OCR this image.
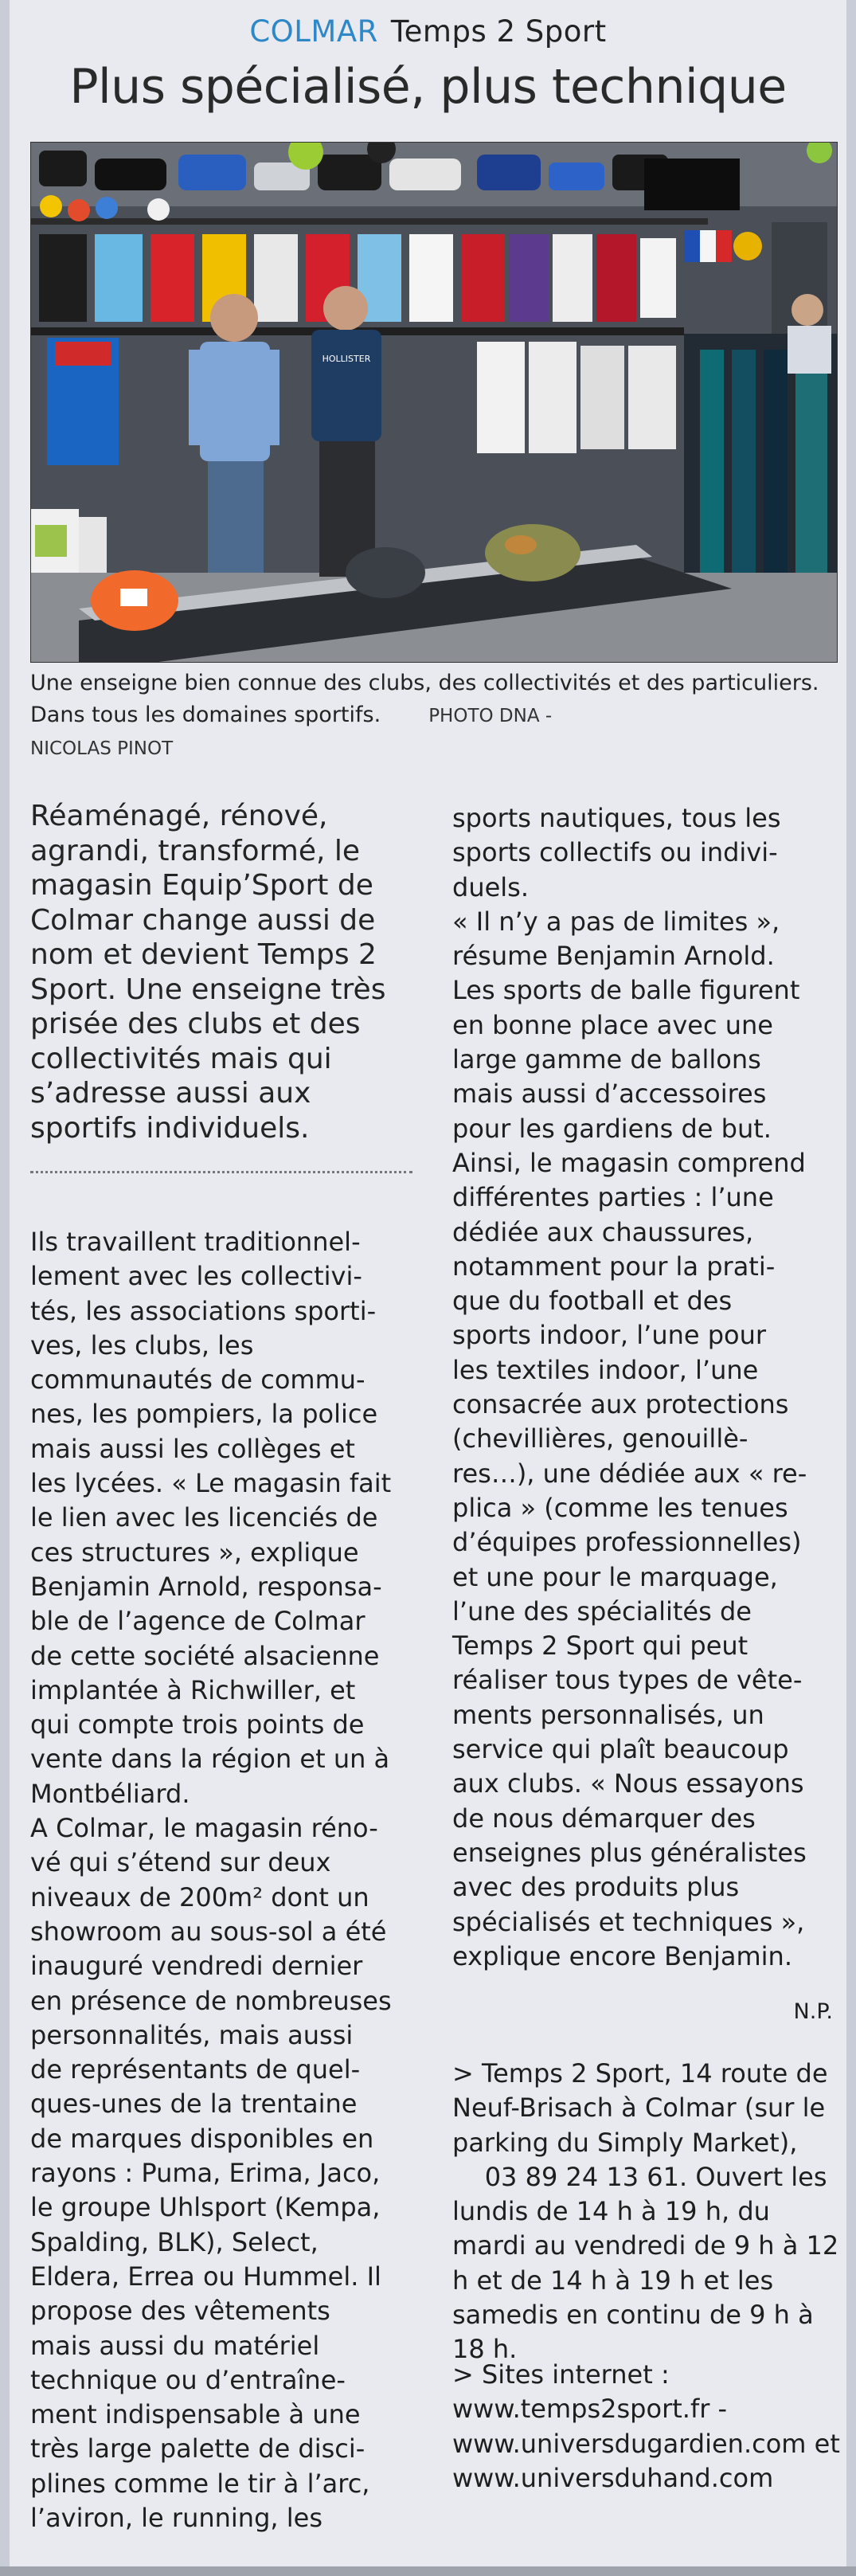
COLMAR Temps 2 Sport
Plus spécialisé, plus technique
HOLLISTER
Une enseigne bien connue des clubs, des collectivités et des particuliers. Dans tous les domaines sportifs.	PHOTO DNA -
NICOLAS PINOT
Réaménagé, rénové, agrandi, transformé, le magasin Equip’Sport de Colmar change aussi de nom et devient Temps 2 Sport. Une enseigne très prisée des clubs et des collectivités mais qui s’adresse aussi aux sportifs individuels.
Ils travaillent traditionnel-
lement avec les collectivi-
tés, les associations sporti-
ves, les clubs, les
communautés de commu-
nes, les pompiers, la police
mais aussi les collèges et
les lycées. « Le magasin fait
le lien avec les licenciés de
ces structures », explique
Benjamin Arnold, responsa-
ble de l’agence de Colmar
de cette société alsacienne
implantée à Richwiller, et
qui compte trois points de
vente dans la région et un à
Montbéliard.
A Colmar, le magasin réno-
vé qui s’étend sur deux
niveaux de 200m² dont un
showroom au sous-sol a été
inauguré vendredi dernier
en présence de nombreuses
personnalités, mais aussi
de représentants de quel-
ques-unes de la trentaine
de marques disponibles en
rayons : Puma, Erima, Jaco,
le groupe Uhlsport (Kempa,
Spalding, BLK), Select,
Eldera, Errea ou Hummel. Il
propose des vêtements
mais aussi du matériel
technique ou d’entraîne-
ment indispensable à une
très large palette de disci-
plines comme le tir à l’arc,
l’aviron, le running, les
sports nautiques, tous les
sports collectifs ou indivi-
duels.
« Il n’y a pas de limites »,
résume Benjamin Arnold.
Les sports de balle figurent
en bonne place avec une
large gamme de ballons
mais aussi d’accessoires
pour les gardiens de but.
Ainsi, le magasin comprend
différentes parties : l’une
dédiée aux chaussures,
notamment pour la prati-
que du football et des
sports indoor, l’une pour
les textiles indoor, l’une
consacrée aux protections
(chevillières, genouillè-
res…), une dédiée aux « re-
plica » (comme les tenues
d’équipes professionnelles)
et une pour le marquage,
l’une des spécialités de
Temps 2 Sport qui peut
réaliser tous types de vête-
ments personnalisés, un
service qui plaît beaucoup
aux clubs. « Nous essayons
de nous démarquer des
enseignes plus généralistes
avec des produits plus
spécialisés et techniques »,
explique encore Benjamin.
N.P.
> Temps 2 Sport, 14 route de
Neuf-Brisach à Colmar (sur le
parking du Simply Market),
03 89 24 13 61. Ouvert les
lundis de 14 h à 19 h, du
mardi au vendredi de 9 h à 12
h et de 14 h à 19 h et les
samedis en continu de 9 h à
18 h.
> Sites internet :
www.temps2sport.fr -
www.universdugardien.com et
www.universduhand.com
